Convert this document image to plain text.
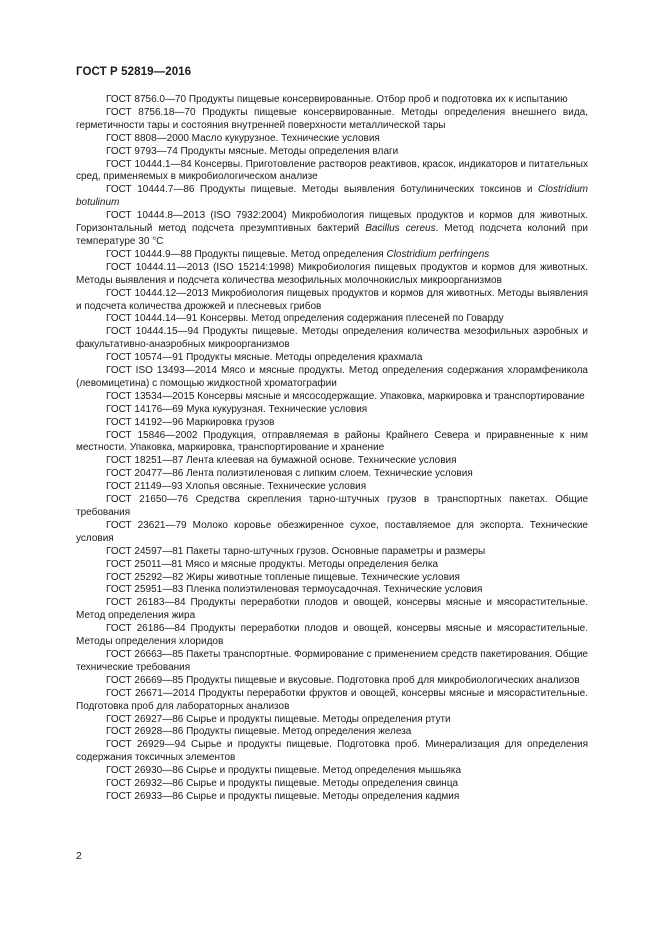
ГОСТ Р 52819—2016
ГОСТ 8756.0—70 Продукты пищевые консервированные. Отбор проб и подготовка их к испытанию
ГОСТ 8756.18—70 Продукты пищевые консервированные. Методы определения внешнего вида, герметичности тары и состояния внутренней поверхности металлической тары
ГОСТ 8808—2000 Масло кукурузное. Технические условия
ГОСТ 9793—74 Продукты мясные. Методы определения влаги
ГОСТ 10444.1—84 Консервы. Приготовление растворов реактивов, красок, индикаторов и питательных сред, применяемых в микробиологическом анализе
ГОСТ 10444.7—86 Продукты пищевые. Методы выявления ботулинических токсинов и Clostridium botulinum
ГОСТ 10444.8—2013 (ISO 7932:2004) Микробиология пищевых продуктов и кормов для животных. Горизонтальный метод подсчета презумптивных бактерий Bacillus cereus. Метод подсчета колоний при температуре 30 °C
ГОСТ 10444.9—88 Продукты пищевые. Метод определения Clostridium perfringens
ГОСТ 10444.11—2013 (ISO 15214:1998) Микробиология пищевых продуктов и кормов для животных. Методы выявления и подсчета количества мезофильных молочнокислых микроорганизмов
ГОСТ 10444.12—2013 Микробиология пищевых продуктов и кормов для животных. Методы выявления и подсчета количества дрожжей и плесневых грибов
ГОСТ 10444.14—91 Консервы. Метод определения содержания плесеней по Говарду
ГОСТ 10444.15—94 Продукты пищевые. Методы определения количества мезофильных аэробных и факультативно-анаэробных микроорганизмов
ГОСТ 10574—91 Продукты мясные. Методы определения крахмала
ГОСТ ISO 13493—2014 Мясо и мясные продукты. Метод определения содержания хлорамфеникола (левомицетина) с помощью жидкостной хроматографии
ГОСТ 13534—2015 Консервы мясные и мясосодержащие. Упаковка, маркировка и транспортирование
ГОСТ 14176—69 Мука кукурузная. Технические условия
ГОСТ 14192—96 Маркировка грузов
ГОСТ 15846—2002 Продукция, отправляемая в районы Крайнего Севера и приравненные к ним местности. Упаковка, маркировка, транспортирование и хранение
ГОСТ 18251—87 Лента клеевая на бумажной основе. Технические условия
ГОСТ 20477—86 Лента полиэтиленовая с липким слоем. Технические условия
ГОСТ 21149—93 Хлопья овсяные. Технические условия
ГОСТ 21650—76 Средства скрепления тарно-штучных грузов в транспортных пакетах. Общие требования
ГОСТ 23621—79 Молоко коровье обезжиренное сухое, поставляемое для экспорта. Технические условия
ГОСТ 24597—81 Пакеты тарно-штучных грузов. Основные параметры и размеры
ГОСТ 25011—81 Мясо и мясные продукты. Методы определения белка
ГОСТ 25292—82 Жиры животные топленые пищевые. Технические условия
ГОСТ 25951—83 Пленка полиэтиленовая термоусадочная. Технические условия
ГОСТ 26183—84 Продукты переработки плодов и овощей, консервы мясные и мясорастительные. Метод определения жира
ГОСТ 26186—84 Продукты переработки плодов и овощей, консервы мясные и мясорастительные. Методы определения хлоридов
ГОСТ 26663—85 Пакеты транспортные. Формирование с применением средств пакетирования. Общие технические требования
ГОСТ 26669—85 Продукты пищевые и вкусовые. Подготовка проб для микробиологических анализов
ГОСТ 26671—2014 Продукты переработки фруктов и овощей, консервы мясные и мясорастительные. Подготовка проб для лабораторных анализов
ГОСТ 26927—86 Сырье и продукты пищевые. Методы определения ртути
ГОСТ 26928—86 Продукты пищевые. Метод определения железа
ГОСТ 26929—94 Сырье и продукты пищевые. Подготовка проб. Минерализация для определения содержания токсичных элементов
ГОСТ 26930—86 Сырье и продукты пищевые. Метод определения мышьяка
ГОСТ 26932—86 Сырье и продукты пищевые. Методы определения свинца
ГОСТ 26933—86 Сырье и продукты пищевые. Методы определения кадмия
2
